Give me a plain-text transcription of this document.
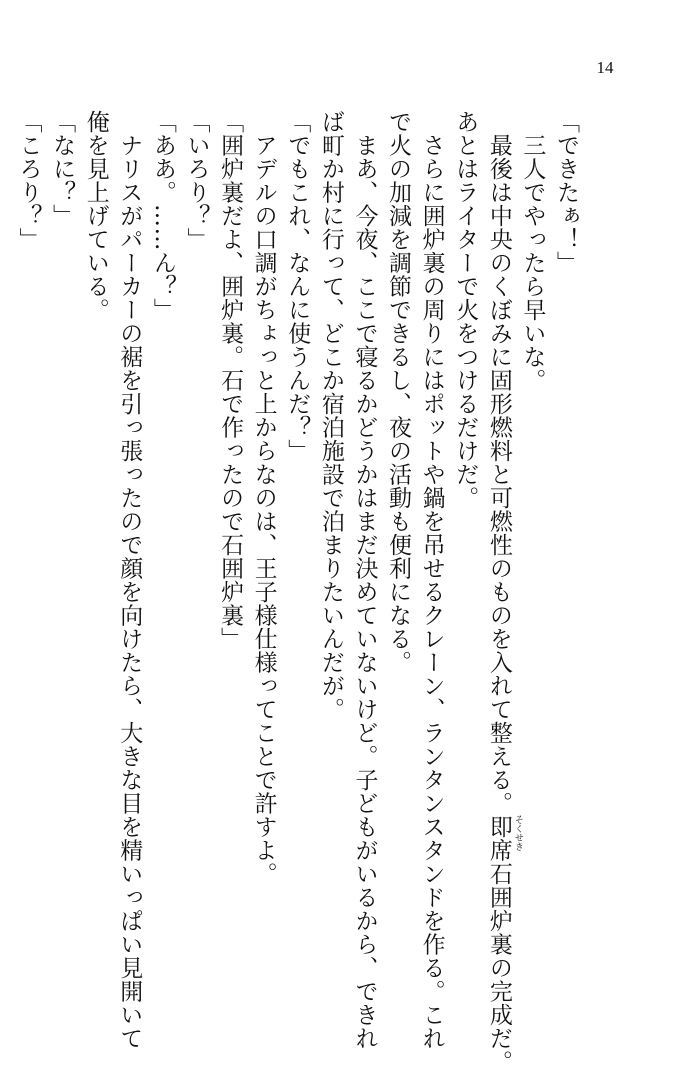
14

「できたぁ！」

　三人でやったら早いな。

　最後は中央のくぼみに固形燃料と可燃性のものを入れて整える。即席 そくせき
石囲炉裏の完成だ。

あとはライターで火をつけるだけだ。

　さらに囲炉裏の周りにはポットや鍋を吊せるクレーン、ランタンスタンドを作る。これ

で火の加減を調節できるし、夜の活動も便利になる。

　まあ、今夜、ここで寝るかどうかはまだ決めていないけど。子どもがいるから、できれ

ば町か村に行って、どこか宿泊施設で泊まりたいんだが。

「でもこれ、なんに使うんだ？」

　アデルの口調がちょっと上からなのは、王子様仕様ってことで許すよ。

「囲炉裏だよ、囲炉裏。石で作ったので石囲炉裏」

「いろり？」

「ああ。……ん？」

　ナリスがパーカーの裾を引っ張ったので顔を向けたら、大きな目を精いっぱい見開いて

俺を見上げている。

「なに？」

「ころり？」
